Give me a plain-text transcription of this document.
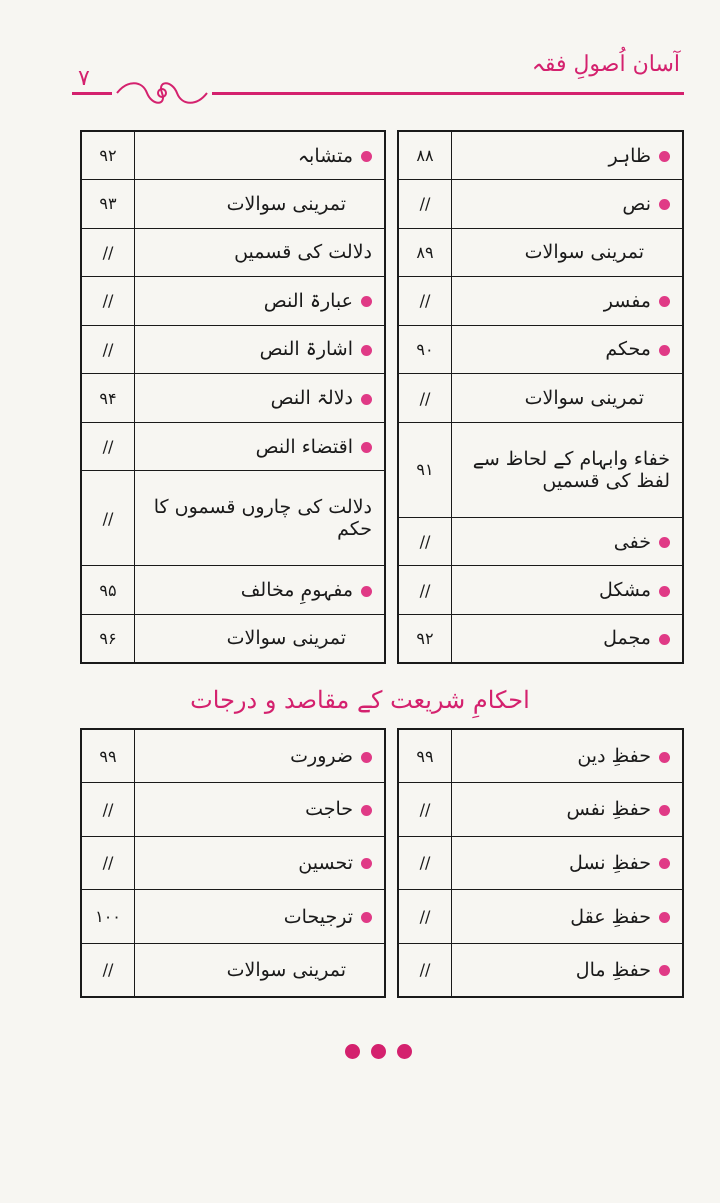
آسان اُصولِ فقہ
۷
۸۸	ظاہر
//	نص
۸۹	تمرینی سوالات
//	مفسر
۹۰	محکم
//	تمرینی سوالات
۹۱	خفاء وابہام کے لحاظ سے لفظ کی قسمیں
//	خفی
//	مشکل
۹۲	مجمل
۹۲	متشابہ
۹۳	تمرینی سوالات
//	دلالت کی قسمیں
//	عبارۃ النص
//	اشارۃ النص
۹۴	دلالۃ النص
//	اقتضاء النص
//	دلالت کی چاروں قسموں کا حکم
۹۵	مفہومِ مخالف
۹۶	تمرینی سوالات
احکامِ شریعت کے مقاصد و درجات
۹۹	حفظِ دین
//	حفظِ نفس
//	حفظِ نسل
//	حفظِ عقل
//	حفظِ مال
۹۹	ضرورت
//	حاجت
//	تحسین
۱۰۰	ترجیحات
//	تمرینی سوالات
